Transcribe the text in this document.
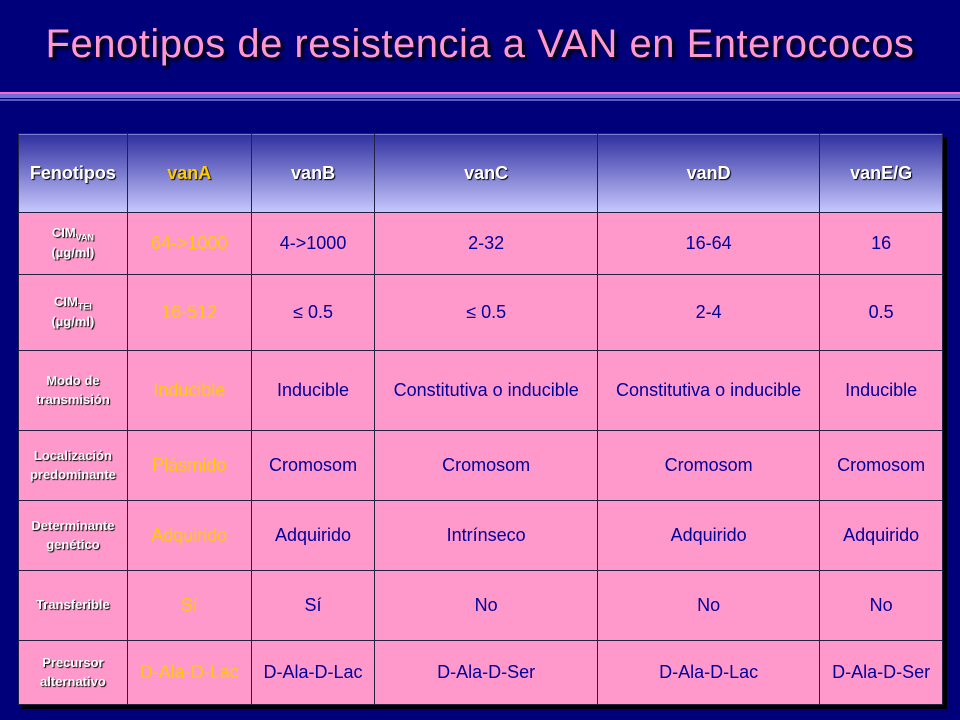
Fenotipos de resistencia a VAN en Enterococos
Fenotipos	vanA	vanB	vanC	vanD	vanE/G
$CIM_{VAN}$
(µg/ml)	64->1000	4->1000	2-32	16-64	16
$CIM_{TEI}$
(µg/ml)	16-512	≤ 0.5	≤ 0.5	2-4	0.5
Modo de
transmisión	Inducible	Inducible	Constitutiva o inducible	Constitutiva o inducible	Inducible
Localización
predominante	Plásmido	Cromosom	Cromosom	Cromosom	Cromosom
Determinante
genético	Adquirido	Adquirido	Intrínseco	Adquirido	Adquirido
Transferible	Sí	Sí	No	No	No
Precursor
alternativo	D-Ala-D-Lac	D-Ala-D-Lac	D-Ala-D-Ser	D-Ala-D-Lac	D-Ala-D-Ser
